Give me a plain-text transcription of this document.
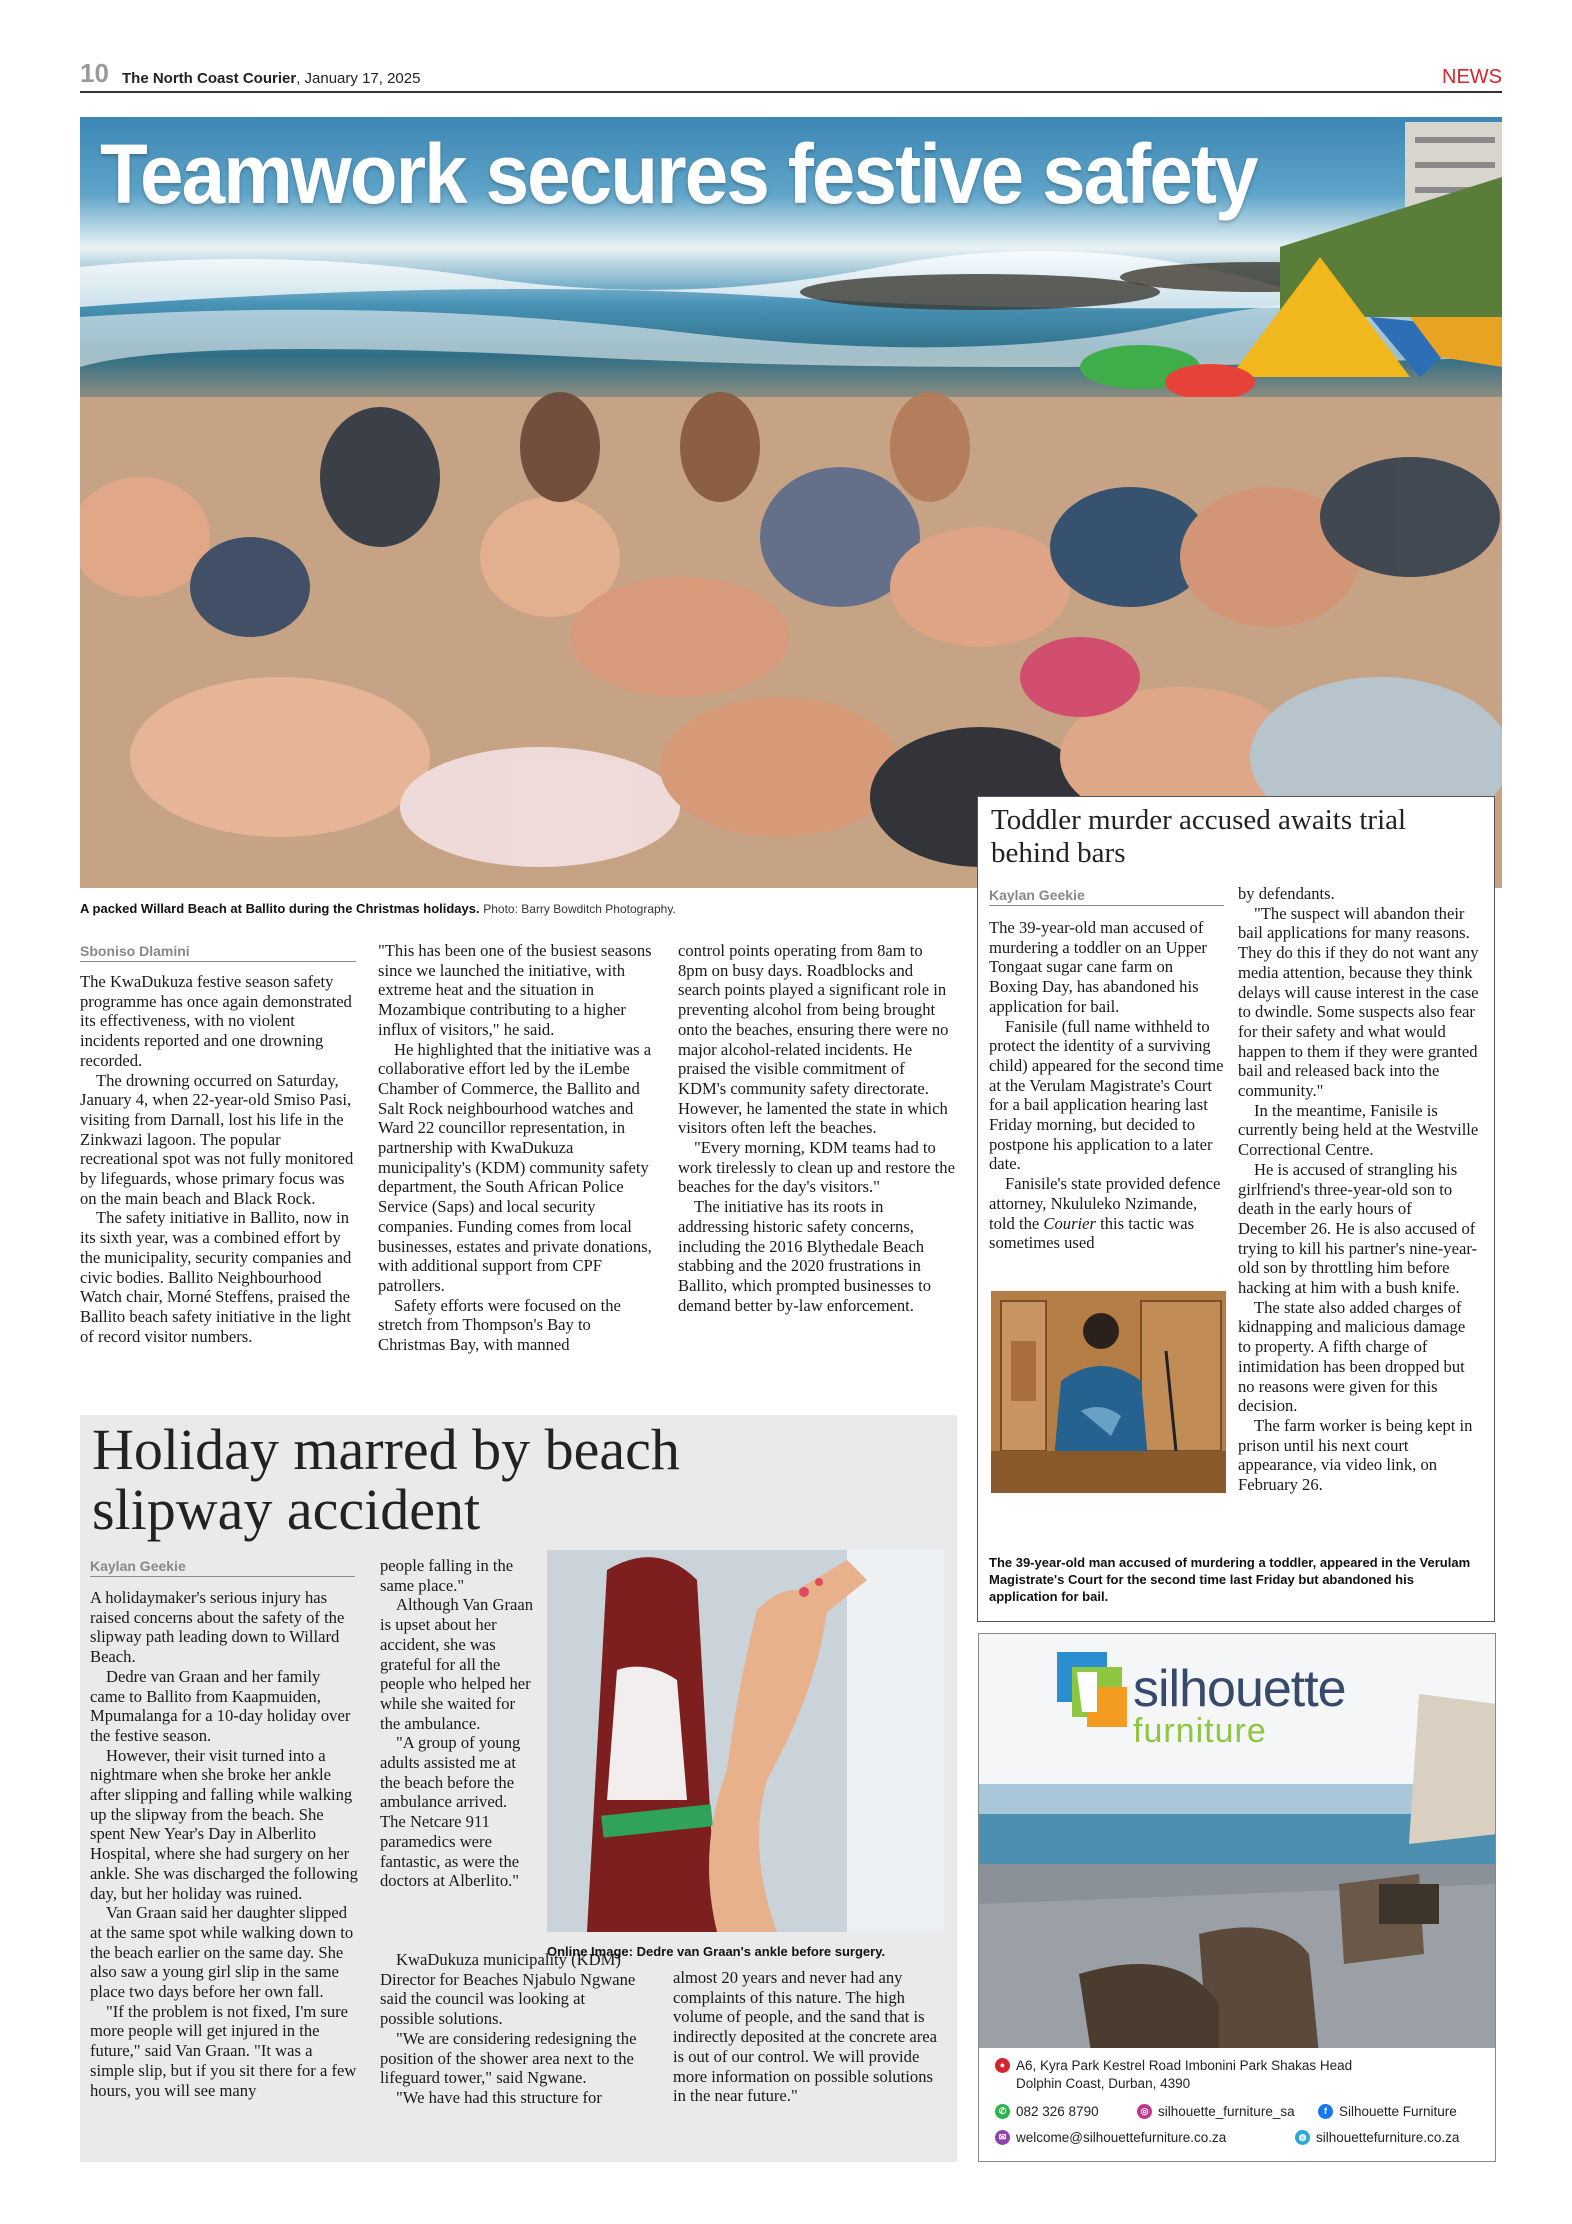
10 The North Coast Courier, January 17, 2025	NEWS
Teamwork secures festive safety
A packed Willard Beach at Ballito during the Christmas holidays. Photo: Barry Bowditch Photography.
Sboniso Dlamini

The KwaDukuza festive season safety programme has once again demonstrated its effectiveness, with no violent incidents reported and one drowning recorded.

The drowning occurred on Saturday, January 4, when 22-year-old Smiso Pasi, visiting from Darnall, lost his life in the Zinkwazi lagoon. The popular recreational spot was not fully monitored by lifeguards, whose primary focus was on the main beach and Black Rock.

The safety initiative in Ballito, now in its sixth year, was a combined effort by the municipality, security companies and civic bodies. Ballito Neighbourhood Watch chair, Morné Steffens, praised the Ballito beach safety initiative in the light of record visitor numbers.

"This has been one of the busiest seasons since we launched the initiative, with extreme heat and the situation in Mozambique contributing to a higher influx of visitors," he said.

He highlighted that the initiative was a collaborative effort led by the iLembe Chamber of Commerce, the Ballito and Salt Rock neighbourhood watches and Ward 22 councillor representation, in partnership with KwaDukuza municipality's (KDM) community safety department, the South African Police Service (Saps) and local security companies. Funding comes from local businesses, estates and private donations, with additional support from CPF patrollers.

Safety efforts were focused on the stretch from Thompson's Bay to Christmas Bay, with manned

control points operating from 8am to 8pm on busy days. Roadblocks and search points played a significant role in preventing alcohol from being brought onto the beaches, ensuring there were no major alcohol-related incidents. He praised the visible commitment of KDM's community safety directorate. However, he lamented the state in which visitors often left the beaches.

"Every morning, KDM teams had to work tirelessly to clean up and restore the beaches for the day's visitors."

The initiative has its roots in addressing historic safety concerns, including the 2016 Blythedale Beach stabbing and the 2020 frustrations in Ballito, which prompted businesses to demand better by-law enforcement.

Toddler murder accused awaits trial behind bars
Kaylan Geekie

The 39-year-old man accused of murdering a toddler on an Upper Tongaat sugar cane farm on Boxing Day, has abandoned his application for bail.

Fanisile (full name withheld to protect the identity of a surviving child) appeared for the second time at the Verulam Magistrate's Court for a bail application hearing last Friday morning, but decided to postpone his application to a later date.

Fanisile's state provided defence attorney, Nkululeko Nzimande, told the Courier this tactic was sometimes used

by defendants.

"The suspect will abandon their bail applications for many reasons. They do this if they do not want any media attention, because they think delays will cause interest in the case to dwindle. Some suspects also fear for their safety and what would happen to them if they were granted bail and released back into the community."

In the meantime, Fanisile is currently being held at the Westville Correctional Centre.

He is accused of strangling his girlfriend's three-year-old son to death in the early hours of December 26. He is also accused of trying to kill his partner's nine-year-old son by throttling him before hacking at him with a bush knife.

The state also added charges of kidnapping and malicious damage to property. A fifth charge of intimidation has been dropped but no reasons were given for this decision.

The farm worker is being kept in prison until his next court appearance, via video link, on February 26.

The 39-year-old man accused of murdering a toddler, appeared in the Verulam Magistrate's Court for the second time last Friday but abandoned his application for bail.
Holiday marred by beach slipway accident
Kaylan Geekie

A holidaymaker's serious injury has raised concerns about the safety of the slipway path leading down to Willard Beach.

Dedre van Graan and her family came to Ballito from Kaapmuiden, Mpumalanga for a 10-day holiday over the festive season.

However, their visit turned into a nightmare when she broke her ankle after slipping and falling while walking up the slipway from the beach. She spent New Year's Day in Alberlito Hospital, where she had surgery on her ankle. She was discharged the following day, but her holiday was ruined.

Van Graan said her daughter slipped at the same spot while walking down to the beach earlier on the same day. She also saw a young girl slip in the same place two days before her own fall.

"If the problem is not fixed, I'm sure more people will get injured in the future," said Van Graan. "It was a simple slip, but if you sit there for a few hours, you will see many

people falling in the same place."

Although Van Graan is upset about her accident, she was grateful for all the people who helped her while she waited for the ambulance.

"A group of young adults assisted me at the beach before the ambulance arrived. The Netcare 911 paramedics were fantastic, as were the doctors at Alberlito."

KwaDukuza municipality (KDM) Director for Beaches Njabulo Ngwane said the council was looking at possible solutions.

"We are considering redesigning the position of the shower area next to the lifeguard tower," said Ngwane.

"We have had this structure for

almost 20 years and never had any complaints of this nature. The high volume of people, and the sand that is indirectly deposited at the concrete area is out of our control. We will provide more information on possible solutions in the near future."

Online Image: Dedre van Graan's ankle before surgery.
silhouette
furniture
● A6, Kyra Park Kestrel Road Imbonini Park Shakas Head
Dolphin Coast, Durban, 4390
✆ 082 326 8790	◎ silhouette_furniture_sa	f Silhouette Furniture
✉ welcome@silhouettefurniture.co.za	◍ silhouettefurniture.co.za
